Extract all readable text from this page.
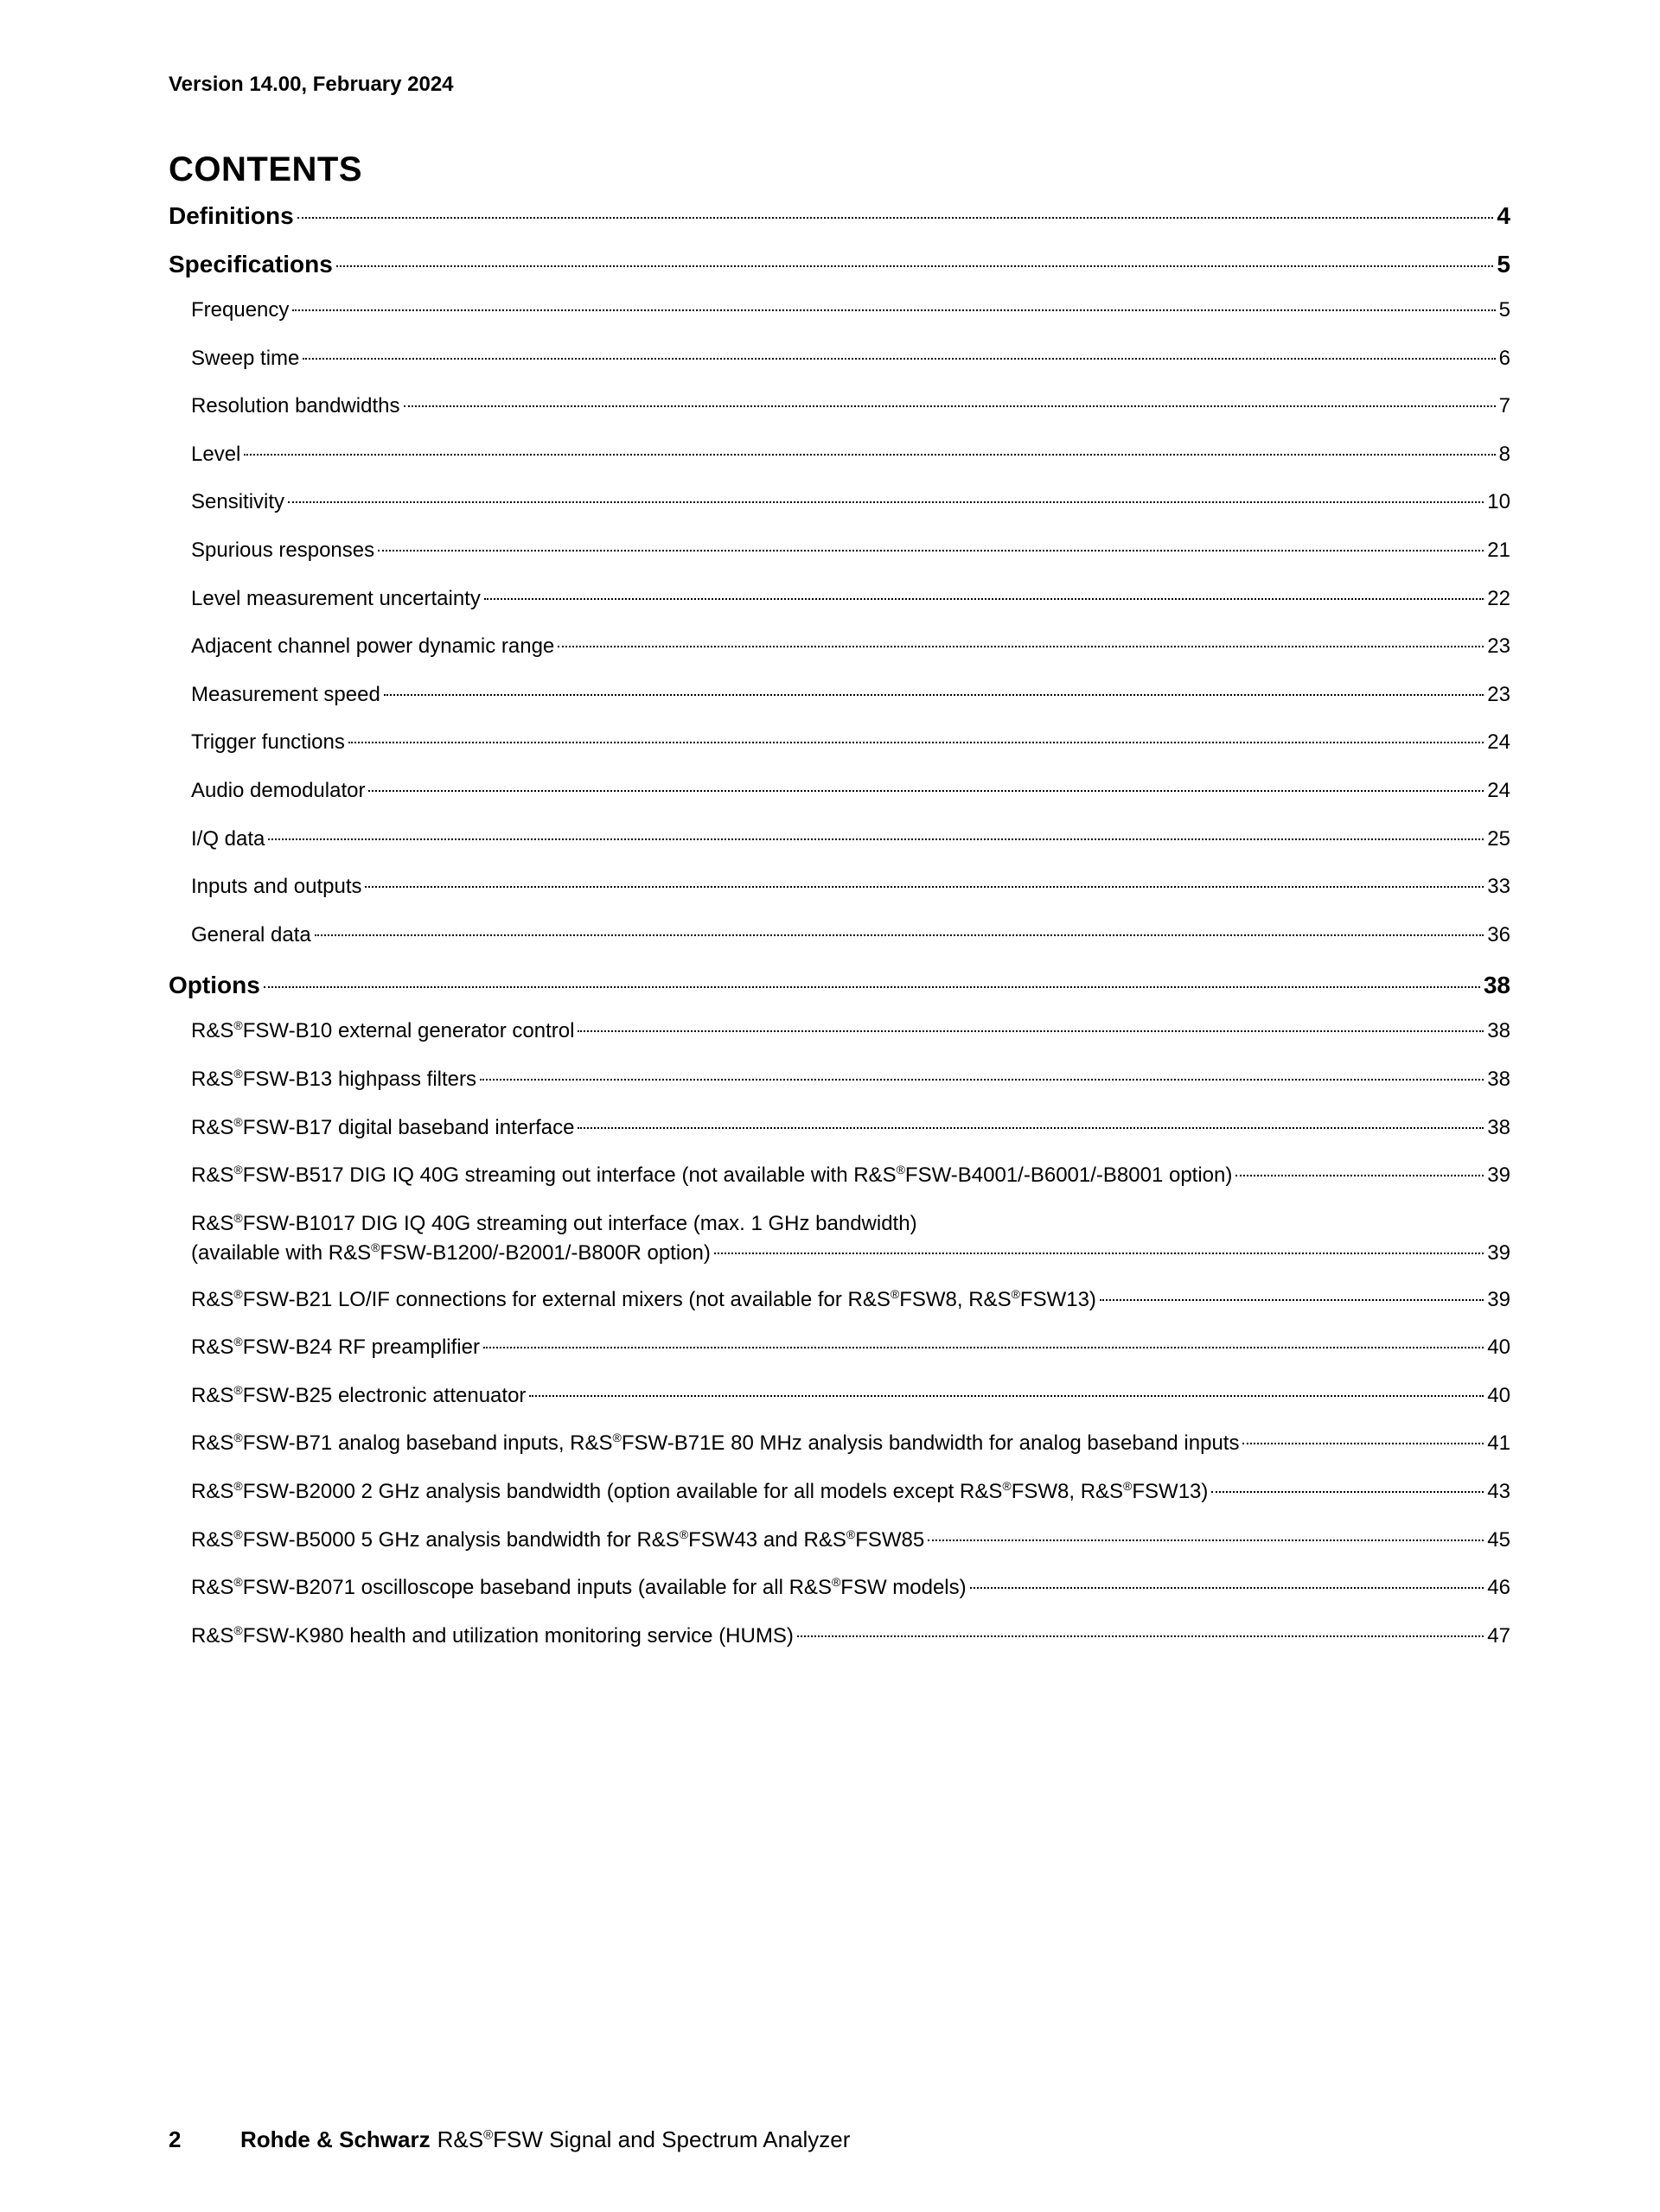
Version 14.00, February 2024
CONTENTS
Definitions	4
Specifications	5
Frequency	5
Sweep time	6
Resolution bandwidths	7
Level	8
Sensitivity	10
Spurious responses	21
Level measurement uncertainty	22
Adjacent channel power dynamic range	23
Measurement speed	23
Trigger functions	24
Audio demodulator	24
I/Q data	25
Inputs and outputs	33
General data	36
Options	38
R&S®FSW-B10 external generator control	38
R&S®FSW-B13 highpass filters	38
R&S®FSW-B17 digital baseband interface	38
R&S®FSW-B517 DIG IQ 40G streaming out interface (not available with R&S®FSW-B4001/-B6001/-B8001 option)	39
R&S®FSW-B1017 DIG IQ 40G streaming out interface (max. 1 GHz bandwidth)
(available with R&S®FSW-B1200/-B2001/-B800R option)	39
R&S®FSW-B21 LO/IF connections for external mixers (not available for R&S®FSW8, R&S®FSW13)	39
R&S®FSW-B24 RF preamplifier	40
R&S®FSW-B25 electronic attenuator	40
R&S®FSW-B71 analog baseband inputs, R&S®FSW-B71E 80 MHz analysis bandwidth for analog baseband inputs	41
R&S®FSW-B2000 2 GHz analysis bandwidth (option available for all models except R&S®FSW8, R&S®FSW13)	43
R&S®FSW-B5000 5 GHz analysis bandwidth for R&S®FSW43 and R&S®FSW85	45
R&S®FSW-B2071 oscilloscope baseband inputs (available for all R&S®FSW models)	46
R&S®FSW-K980 health and utilization monitoring service (HUMS)	47
2	Rohde & Schwarz R&S®FSW Signal and Spectrum Analyzer
